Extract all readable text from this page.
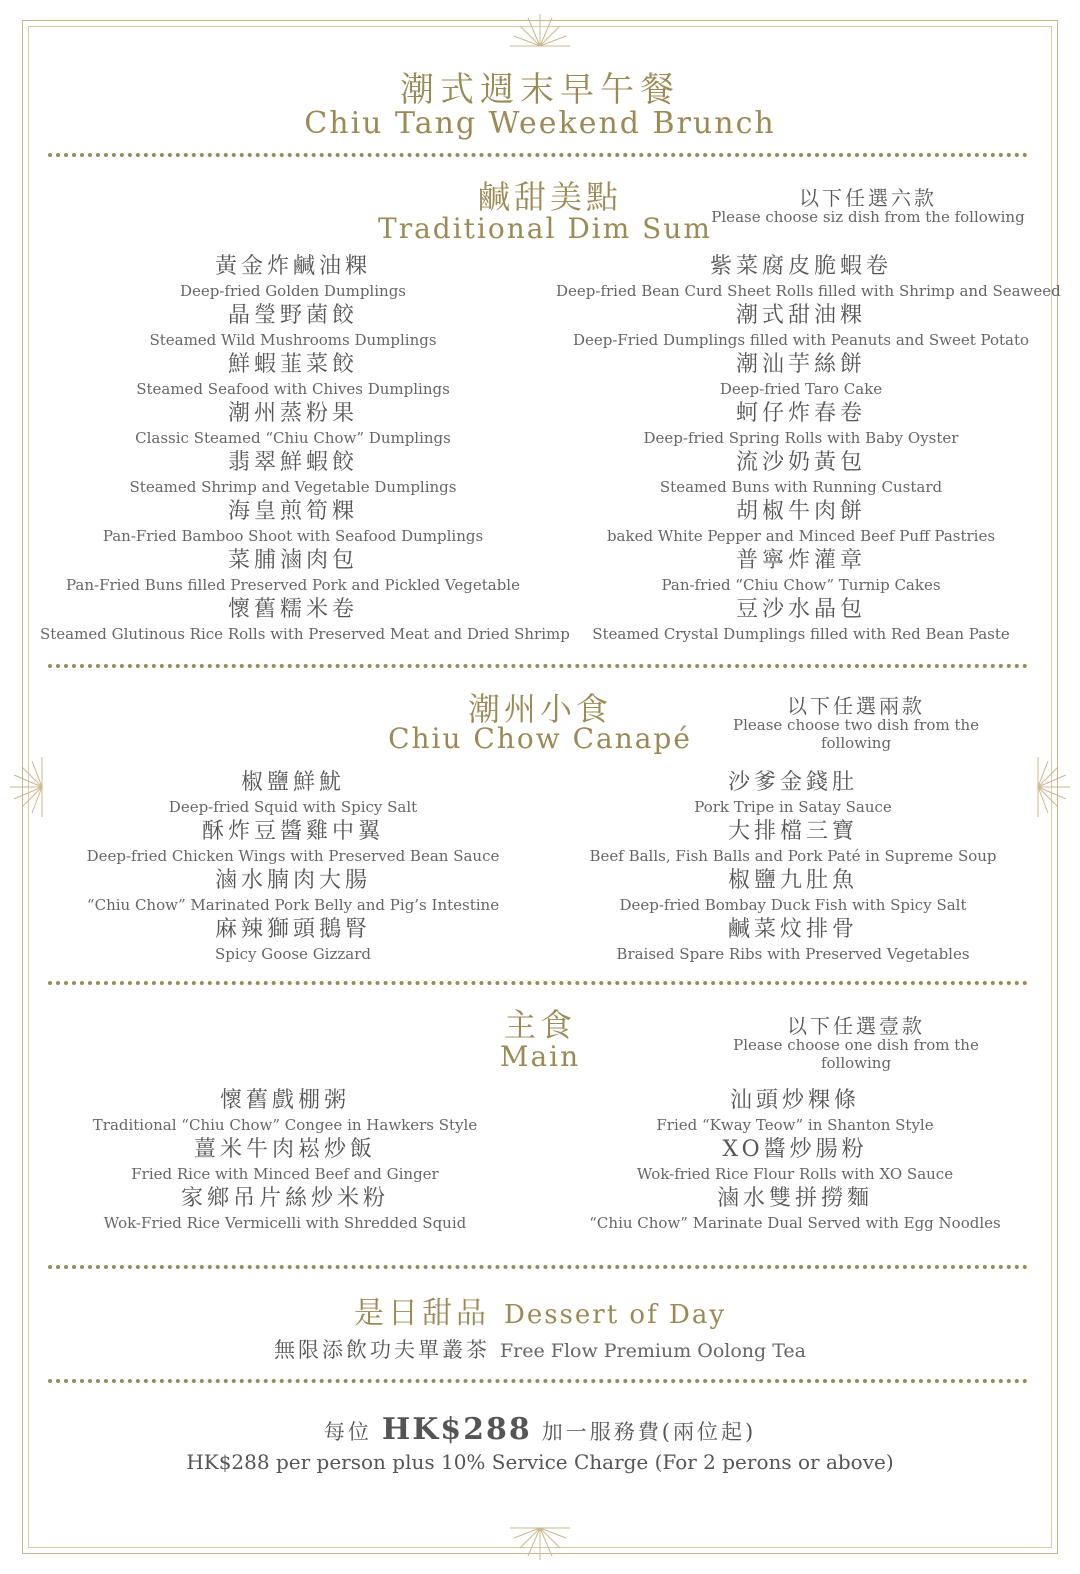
潮式週末早午餐
Chiu Tang Weekend Brunch
鹹甜美點
Traditional Dim Sum
以下任選六款
Please choose siz dish from the following
黃金炸鹹油粿
Deep-fried Golden Dumplings
晶瑩野菌餃
Steamed Wild Mushrooms Dumplings
鮮蝦韮菜餃
Steamed Seafood with Chives Dumplings
潮州蒸粉果
Classic Steamed “Chiu Chow” Dumplings
翡翠鮮蝦餃
Steamed Shrimp and Vegetable Dumplings
海皇煎筍粿
Pan-Fried Bamboo Shoot with Seafood Dumplings
菜脯滷肉包
Pan-Fried Buns filled Preserved Pork and Pickled Vegetable
懷舊糯米卷
Steamed Glutinous Rice Rolls with Preserved Meat and Dried Shrimp
紫菜腐皮脆蝦卷
Deep-fried Bean Curd Sheet Rolls filled with Shrimp and Seaweed
潮式甜油粿
Deep-Fried Dumplings filled with Peanuts and Sweet Potato
潮汕芋絲餅
Deep-fried Taro Cake
蚵仔炸春卷
Deep-fried Spring Rolls with Baby Oyster
流沙奶黃包
Steamed Buns with Running Custard
胡椒牛肉餅
baked White Pepper and Minced Beef Puff Pastries
普寧炸灌章
Pan-fried “Chiu Chow” Turnip Cakes
豆沙水晶包
Steamed Crystal Dumplings filled with Red Bean Paste
潮州小食
Chiu Chow Canapé
以下任選兩款
Please choose two dish from the following
椒鹽鮮魷
Deep-fried Squid with Spicy Salt
酥炸豆醬雞中翼
Deep-fried Chicken Wings with Preserved Bean Sauce
滷水腩肉大腸
“Chiu Chow” Marinated Pork Belly and Pig’s Intestine
麻辣獅頭鵝腎
Spicy Goose Gizzard
沙爹金錢肚
Pork Tripe in Satay Sauce
大排檔三寶
Beef Balls, Fish Balls and Pork Paté in Supreme Soup
椒鹽九肚魚
Deep-fried Bombay Duck Fish with Spicy Salt
鹹菜炆排骨
Braised Spare Ribs with Preserved Vegetables
主食
Main
以下任選壹款
Please choose one dish from the following
懷舊戲棚粥
Traditional “Chiu Chow” Congee in Hawkers Style
薑米牛肉崧炒飯
Fried Rice with Minced Beef and Ginger
家鄉吊片絲炒米粉
Wok-Fried Rice Vermicelli with Shredded Squid
汕頭炒粿條
Fried “Kway Teow” in Shanton Style
XO醬炒腸粉
Wok-fried Rice Flour Rolls with XO Sauce
滷水雙拼撈麵
“Chiu Chow” Marinate Dual Served with Egg Noodles
是日甜品 Dessert of Day
無限添飲功夫單叢茶 Free Flow Premium Oolong Tea
每位 HK$288 加一服務費(兩位起)
HK$288 per person plus 10% Service Charge (For 2 perons or above)
